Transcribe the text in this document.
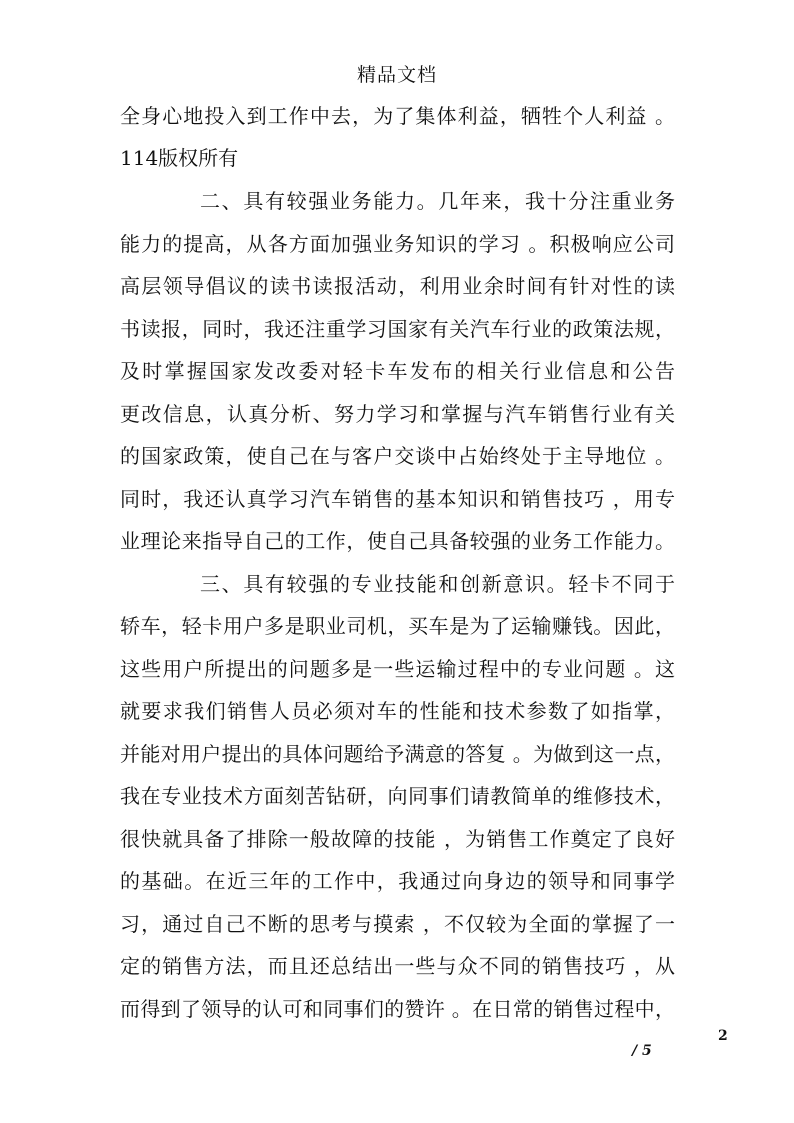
精品文档
全身心地投入到工作中去，为了集体利益，牺牲个人利益 。
114版权所有
二、具有较强业务能力。几年来，我十分注重业务
能力的提高，从各方面加强业务知识的学习 。积极响应公司
高层领导倡议的读书读报活动，利用业余时间有针对性的读
书读报，同时，我还注重学习国家有关汽车行业的政策法规，
及时掌握国家发改委对轻卡车发布的相关行业信息和公告
更改信息，认真分析、努力学习和掌握与汽车销售行业有关
的国家政策，使自己在与客户交谈中占始终处于主导地位 。
同时，我还认真学习汽车销售的基本知识和销售技巧 ，用专
业理论来指导自己的工作，使自己具备较强的业务工作能力。
三、具有较强的专业技能和创新意识。轻卡不同于
轿车，轻卡用户多是职业司机，买车是为了运输赚钱。因此，
这些用户所提出的问题多是一些运输过程中的专业问题 。这
就要求我们销售人员必须对车的性能和技术参数了如指掌，
并能对用户提出的具体问题给予满意的答复 。为做到这一点，
我在专业技术方面刻苦钻研，向同事们请教简单的维修技术，
很快就具备了排除一般故障的技能 ，为销售工作奠定了良好
的基础。在近三年的工作中，我通过向身边的领导和同事学
习，通过自己不断的思考与摸索 ，不仅较为全面的掌握了一
定的销售方法，而且还总结出一些与众不同的销售技巧 ，从
而得到了领导的认可和同事们的赞许 。在日常的销售过程中，
2
/ 5
